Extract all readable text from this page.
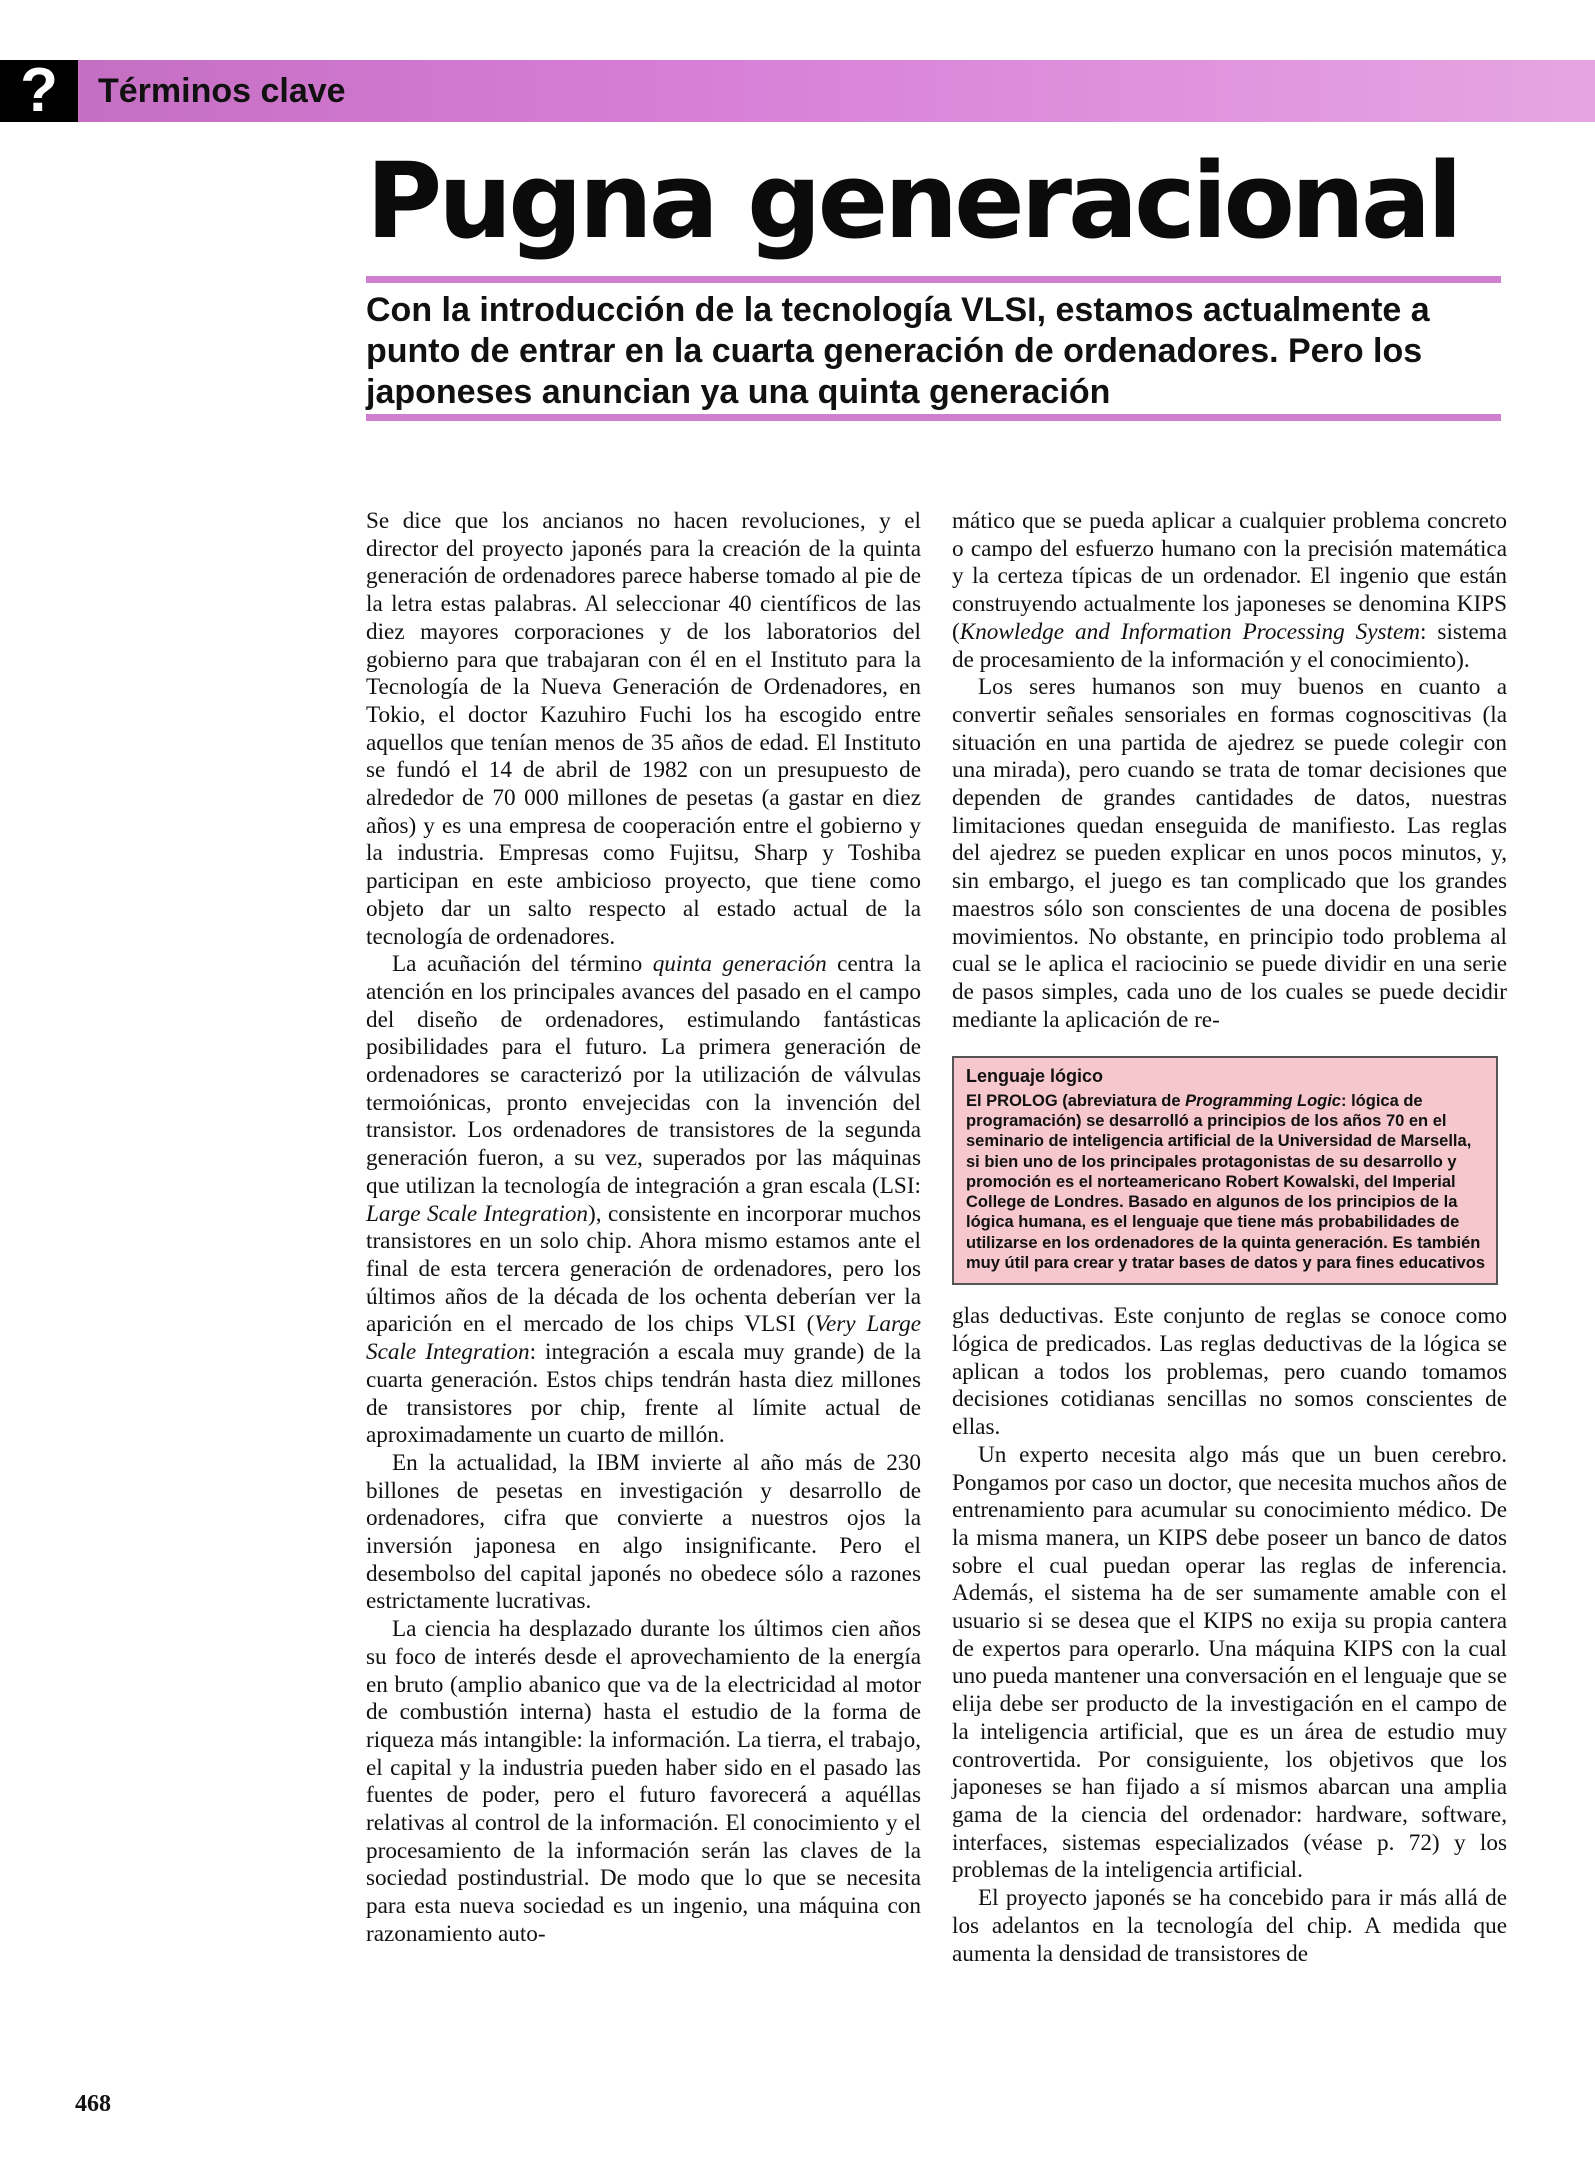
?	Términos clave
Pugna generacional
Con la introducción de la tecnología VLSI, estamos actualmente a punto de entrar en la cuarta generación de ordenadores. Pero los japoneses anuncian ya una quinta generación

Se dice que los ancianos no hacen revoluciones, y el director del proyecto japonés para la creación de la quinta generación de ordenadores parece haberse tomado al pie de la letra estas palabras. Al seleccionar 40 científicos de las diez mayores corporaciones y de los laboratorios del gobierno para que trabajaran con él en el Instituto para la Tecnología de la Nueva Generación de Ordenadores, en Tokio, el doctor Kazuhiro Fuchi los ha escogido entre aquellos que tenían menos de 35 años de edad. El Instituto se fundó el 14 de abril de 1982 con un presupuesto de alrededor de 70 000 millones de pesetas (a gastar en diez años) y es una empresa de cooperación entre el gobierno y la industria. Empresas como Fujitsu, Sharp y Toshiba participan en este ambicioso proyecto, que tiene como objeto dar un salto respecto al estado actual de la tecnología de ordenadores.

La acuñación del término quinta generación centra la atención en los principales avances del pasado en el campo del diseño de ordenadores, estimulando fantásticas posibilidades para el futuro. La primera generación de ordenadores se caracterizó por la utilización de válvulas termoiónicas, pronto envejecidas con la invención del transistor. Los ordenadores de transistores de la segunda generación fueron, a su vez, superados por las máquinas que utilizan la tecnología de integración a gran escala (LSI: Large Scale Integration), consistente en incorporar muchos transistores en un solo chip. Ahora mismo estamos ante el final de esta tercera generación de ordenadores, pero los últimos años de la década de los ochenta deberían ver la aparición en el mercado de los chips VLSI (Very Large Scale Integration: integración a escala muy grande) de la cuarta generación. Estos chips tendrán hasta diez millones de transistores por chip, frente al límite actual de aproximadamente un cuarto de millón.

En la actualidad, la IBM invierte al año más de 230 billones de pesetas en investigación y desarrollo de ordenadores, cifra que convierte a nuestros ojos la inversión japonesa en algo insignificante. Pero el desembolso del capital japonés no obedece sólo a razones estrictamente lucrativas.

La ciencia ha desplazado durante los últimos cien años su foco de interés desde el aprovechamiento de la energía en bruto (amplio abanico que va de la electricidad al motor de combustión interna) hasta el estudio de la forma de riqueza más intangible: la información. La tierra, el trabajo, el capital y la industria pueden haber sido en el pasado las fuentes de poder, pero el futuro favorecerá a aquéllas relativas al control de la información. El conocimiento y el procesamiento de la información serán las claves de la sociedad postindustrial. De modo que lo que se necesita para esta nueva sociedad es un ingenio, una máquina con razonamiento auto-

mático que se pueda aplicar a cualquier problema concreto o campo del esfuerzo humano con la precisión matemática y la certeza típicas de un ordenador. El ingenio que están construyendo actualmente los japoneses se denomina KIPS (Knowledge and Information Processing System: sistema de procesamiento de la información y el conocimiento).

Los seres humanos son muy buenos en cuanto a convertir señales sensoriales en formas cognoscitivas (la situación en una partida de ajedrez se puede colegir con una mirada), pero cuando se trata de tomar decisiones que dependen de grandes cantidades de datos, nuestras limitaciones quedan enseguida de manifiesto. Las reglas del ajedrez se pueden explicar en unos pocos minutos, y, sin embargo, el juego es tan complicado que los grandes maestros sólo son conscientes de una docena de posibles movimientos. No obstante, en principio todo problema al cual se le aplica el raciocinio se puede dividir en una serie de pasos simples, cada uno de los cuales se puede decidir mediante la aplicación de re-

Lenguaje lógico
El PROLOG (abreviatura de Programming Logic: lógica de programación) se desarrolló a principios de los años 70 en el seminario de inteligencia artificial de la Universidad de Marsella, si bien uno de los principales protagonistas de su desarrollo y promoción es el norteamericano Robert Kowalski, del Imperial College de Londres. Basado en algunos de los principios de la lógica humana, es el lenguaje que tiene más probabilidades de utilizarse en los ordenadores de la quinta generación. Es también muy útil para crear y tratar bases de datos y para fines educativos

glas deductivas. Este conjunto de reglas se conoce como lógica de predicados. Las reglas deductivas de la lógica se aplican a todos los problemas, pero cuando tomamos decisiones cotidianas sencillas no somos conscientes de ellas.

Un experto necesita algo más que un buen cerebro. Pongamos por caso un doctor, que necesita muchos años de entrenamiento para acumular su conocimiento médico. De la misma manera, un KIPS debe poseer un banco de datos sobre el cual puedan operar las reglas de inferencia. Además, el sistema ha de ser sumamente amable con el usuario si se desea que el KIPS no exija su propia cantera de expertos para operarlo. Una máquina KIPS con la cual uno pueda mantener una conversación en el lenguaje que se elija debe ser producto de la investigación en el campo de la inteligencia artificial, que es un área de estudio muy controvertida. Por consiguiente, los objetivos que los japoneses se han fijado a sí mismos abarcan una amplia gama de la ciencia del ordenador: hardware, software, interfaces, sistemas especializados (véase p. 72) y los problemas de la inteligencia artificial.

El proyecto japonés se ha concebido para ir más allá de los adelantos en la tecnología del chip. A medida que aumenta la densidad de transistores de

468
